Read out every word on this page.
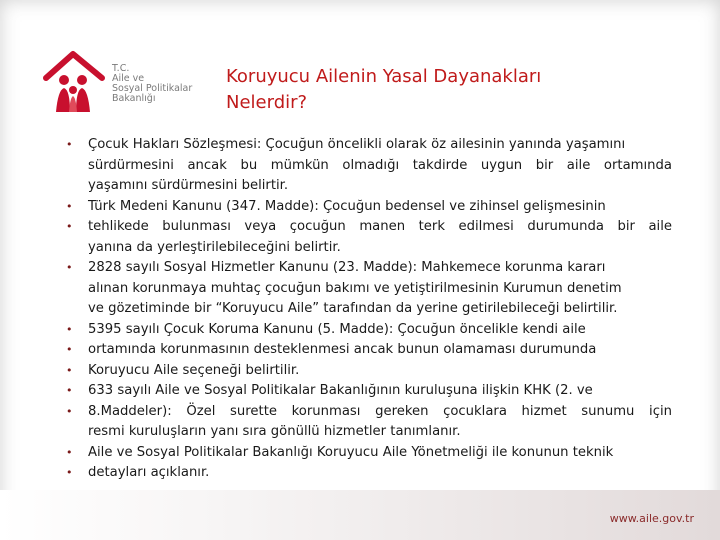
T.C.
Aile ve
Sosyal Politikalar
Bakanlığı
Koruyucu Ailenin Yasal Dayanakları
Nelerdir?
• Çocuk Hakları Sözleşmesi: Çocuğun öncelikli olarak öz ailesinin yanında yaşamını
sürdürmesini ancak bu mümkün olmadığı takdirde uygun bir aile ortamında
yaşamını sürdürmesini belirtir.
• Türk Medeni Kanunu (347. Madde): Çocuğun bedensel ve zihinsel gelişmesinin
• tehlikede bulunması veya çocuğun manen terk edilmesi durumunda bir aile
yanına da yerleştirilebileceğini belirtir.
• 2828 sayılı Sosyal Hizmetler Kanunu (23. Madde): Mahkemece korunma kararı
alınan korunmaya muhtaç çocuğun bakımı ve yetiştirilmesinin Kurumun denetim
ve gözetiminde bir “Koruyucu Aile” tarafından da yerine getirilebileceği belirtilir.
• 5395 sayılı Çocuk Koruma Kanunu (5. Madde): Çocuğun öncelikle kendi aile
• ortamında korunmasının desteklenmesi ancak bunun olamaması durumunda
• Koruyucu Aile seçeneği belirtilir.
• 633 sayılı Aile ve Sosyal Politikalar Bakanlığının kuruluşuna ilişkin KHK (2. ve
• 8.Maddeler): Özel surette korunması gereken çocuklara hizmet sunumu için
resmi kuruluşların yanı sıra gönüllü hizmetler tanımlanır.
• Aile ve Sosyal Politikalar Bakanlığı Koruyucu Aile Yönetmeliği ile konunun teknik
• detayları açıklanır.
www.aile.gov.tr
